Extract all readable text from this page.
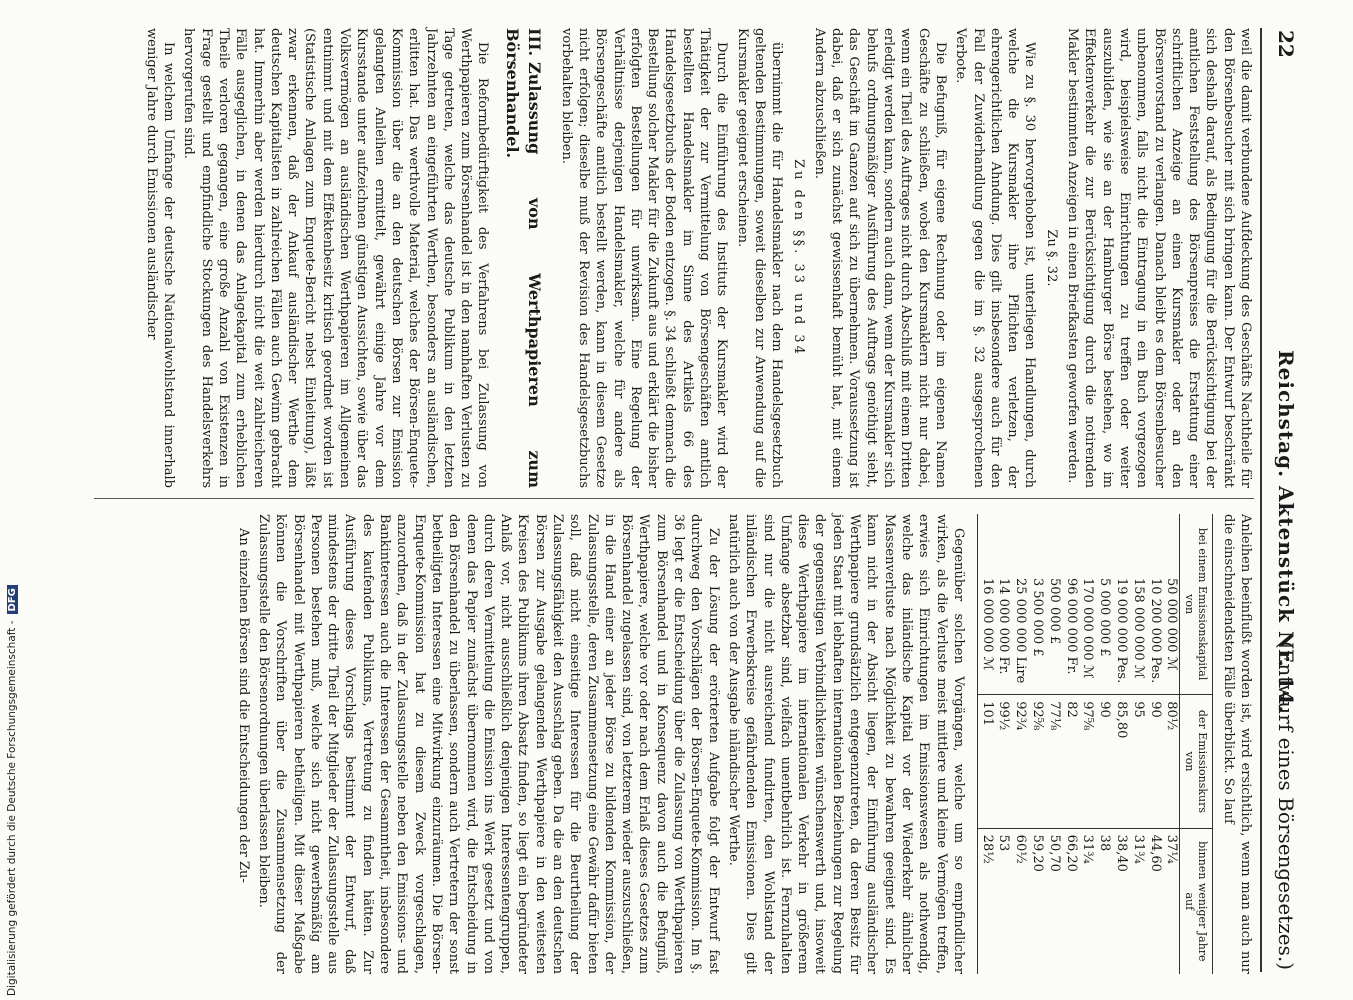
22
Reichstag. Aktenstück Nr. 14.
(Entwurf eines Börsengesetzes.)

weil die damit verbundene Aufdeckung des Geschäfts Nachtheile für den Börsenbesucher mit sich bringen kann. Der Entwurf beschränkt sich deshalb darauf, als Bedingung für die Berücksichtigung bei der amtlichen Feststellung des Börsenpreises die Erstattung einer schriftlichen Anzeige an einen Kursmakler oder an den Börsenvorstand zu verlangen. Danach bleibt es dem Börsenbesucher unbenommen, falls nicht die Eintragung in ein Buch vorgezogen wird, beispielsweise Einrichtungen zu treffen oder weiter auszubilden, wie sie an der Hamburger Börse bestehen, wo im Effektenverkehr die zur Berücksichtigung durch die notirenden Makler bestimmten Anzeigen in einen Briefkasten geworfen werden.

Zu §. 32.

Wie zu §. 30 hervorgehoben ist, unterliegen Handlungen, durch welche die Kursmakler ihre Pflichten verletzen, der ehrengerichtlichen Ahndung. Dies gilt insbesondere auch für den Fall der Zuwiderhandlung gegen die im §. 32 ausgesprochenen Verbote.

Die Befugniß, für eigene Rechnung oder im eigenen Namen Geschäfte zu schließen, wobei den Kursmaklern nicht nur dabei, wenn ein Theil des Auftrages nicht durch Abschluß mit einem Dritten erledigt werden kann, sondern auch dann, wenn der Kursmakler sich behufs ordnungsmäßiger Ausführung des Auftrags genöthigt sieht, das Geschäft im Ganzen auf sich zu übernehmen. Voraussetzung ist dabei, daß er sich zunächst gewissenhaft bemüht hat, mit einem Andern abzuschließen.

Zu den §§. 33 und 34

übernimmt die für Handelsmakler nach dem Handelsgesetzbuch geltenden Bestimmungen, soweit dieselben zur Anwendung auf die Kursmakler geeignet erscheinen.

Durch die Einführung des Instituts der Kursmakler wird der Thätigkeit der zur Vermittelung von Börsengeschäften amtlich bestellten Handelsmakler im Sinne des Artikels 66 des Handelsgesetzbuchs der Boden entzogen. §. 34 schließt demnach die Bestellung solcher Makler für die Zukunft aus und erklärt die bisher erfolgten Bestellungen für unwirksam. Eine Regelung der Verhältnisse derjenigen Handelsmakler, welche für andere als Börsengeschäfte amtlich bestellt werden, kann in diesem Gesetze nicht erfolgen; dieselbe muß der Revision des Handelsgesetzbuchs vorbehalten bleiben.

III.Zulassung von Werthpapieren zum Börsenhandel.

Die Reformbedürftigkeit des Verfahrens bei Zulassung von Werthpapieren zum Börsenhandel ist in den namhaften Verlusten zu Tage getreten, welche das deutsche Publikum in den letzten Jahrzehnten an eingeführten Werthen, besonders an ausländischen, erlitten hat. Das werthvolle Material, welches der Börsen-Enquete-Kommission über die an den deutschen Börsen zur Emission gelangten Anleihen ermittelt, gewährt einige Jahre vor dem Kursstande unter aufzeichnen günstigen Aussichten, sowie über das Volksvermögen an ausländischen Werthpapieren im Allgemeinen entnimmt und mit dem Effektenbesitz kritisch geordnet worden ist (Statistische Anlagen zum Enquete-Bericht nebst Einleitung), läßt zwar erkennen, daß der Ankauf ausländischer Werthe dem deutschen Kapitalisten in zahlreichen Fällen auch Gewinn gebracht hat. Immerhin aber werden hierdurch nicht die weit zahlreicheren Fälle ausgeglichen, in denen das Anlagekapital zum erheblichen Theile verloren gegangen, eine große Anzahl von Existenzen in Frage gestellt und empfindliche Stockungen des Handelsverkehrs hervorgerufen sind.

In welchem Umfange der deutsche Nationalwohlstand innerhalb weniger Jahre durch Emissionen ausländischer

Anleihen beeinflußt worden ist, wird ersichtlich, wenn man auch nur die einschneidendsten Fälle überblickt. So lauf

bei einem Emissionskapital von	der Emissionskurs von	binnen weniger Jahre auf
50 000 000 ℳ	80½	37¼
10 200 000 Pes.	90	44,60
158 000 000 ℳ	95	31¾
19 000 000 Pes.	85,80	38,40
5 000 000 £	90	38
170 000 000 ℳ	97⅝	31¾
96 000 000 Fr.	82	66,20
500 000 £	77⅛	50,70
3 500 000 £	92⅝	59,20
25 000 000 Lire	92¾	60½
14 000 000 Fr.	99½	53
16 000 000 ℳ	101	28½

Gegenüber solchen Vorgängen, welche um so empfindlicher wirken, als die Verluste meist mittlere und kleine Vermögen treffen, erwies sich Einrichtungen im Emissionswesen als nothwendig, welche das inländische Kapital vor der Wiederkehr ähnlicher Massenverluste nach Möglichkeit zu bewahren geeignet sind. Es kann nicht in der Absicht liegen, der Einführung ausländischer Werthpapiere grundsätzlich entgegenzutreten, da deren Besitz für jeden Staat mit lebhaften internationalen Beziehungen zur Regelung der gegenseitigen Verbindlichkeiten wünschenswerth und, insoweit diese Werthpapiere im internationalen Verkehr in größerem Umfange absetzbar sind, vielfach unentbehrlich ist. Fernzuhalten sind nur die nicht ausreichend fundirten, den Wohlstand der inländischen Erwerbskreise gefährdenden Emissionen. Dies gilt natürlich auch von der Ausgabe inländischer Werthe.

Zu der Lösung der erörterten Aufgabe folgt der Entwurf fast durchweg den Vorschlägen der Börsen-Enquete-Kommission. Im §. 36 legt er die Entscheidung über die Zulassung von Werthpapieren zum Börsenhandel und in Konsequenz davon auch die Befugniß, Werthpapiere, welche vor oder nach dem Erlaß dieses Gesetzes zum Börsenhandel zugelassen sind, von letzterem wieder auszuschließen, in die Hand einer an jeder Börse zu bildenden Kommission, der Zulassungsstelle, deren Zusammensetzung eine Gewähr dafür bieten soll, daß nicht einseitige Interessen für die Beurtheilung der Zulassungsfähigkeit den Ausschlag geben. Da die an den deutschen Börsen zur Ausgabe gelangenden Werthpapiere in den weitesten Kreisen des Publikums ihren Absatz finden, so liegt ein begründeter Anlaß vor, nicht ausschließlich denjenigen Interessentengruppen, durch deren Vermittelung die Emission ins Werk gesetzt und von denen das Papier zunächst übernommen wird, die Entscheidung in den Börsenhandel zu überlassen, sondern auch Vertretern der sonst betheiligten Interessen eine Mitwirkung einzuräumen. Die Börsen-Enquete-Kommission hat zu diesem Zweck vorgeschlagen, anzuordnen, daß in der Zulassungsstelle neben den Emissions- und Bankinteressen auch die Interessen der Gesammtheit, insbesondere des kaufenden Publikums, Vertretung zu finden hätten. Zur Ausführung dieses Vorschlags bestimmt der Entwurf, daß mindestens der dritte Theil der Mitglieder der Zulassungsstelle aus Personen bestehen muß, welche sich nicht gewerbsmäßig am Börsenhandel mit Werthpapieren betheiligen. Mit dieser Maßgabe können die Vorschriften über die Zusammensetzung der Zulassungsstelle den Börsenordnungen überlassen bleiben.

An einzelnen Börsen sind die Entscheidungen der Zu-

Digitalisierung gefördert durch die Deutsche Forschungsgemeinschaft -DFG
